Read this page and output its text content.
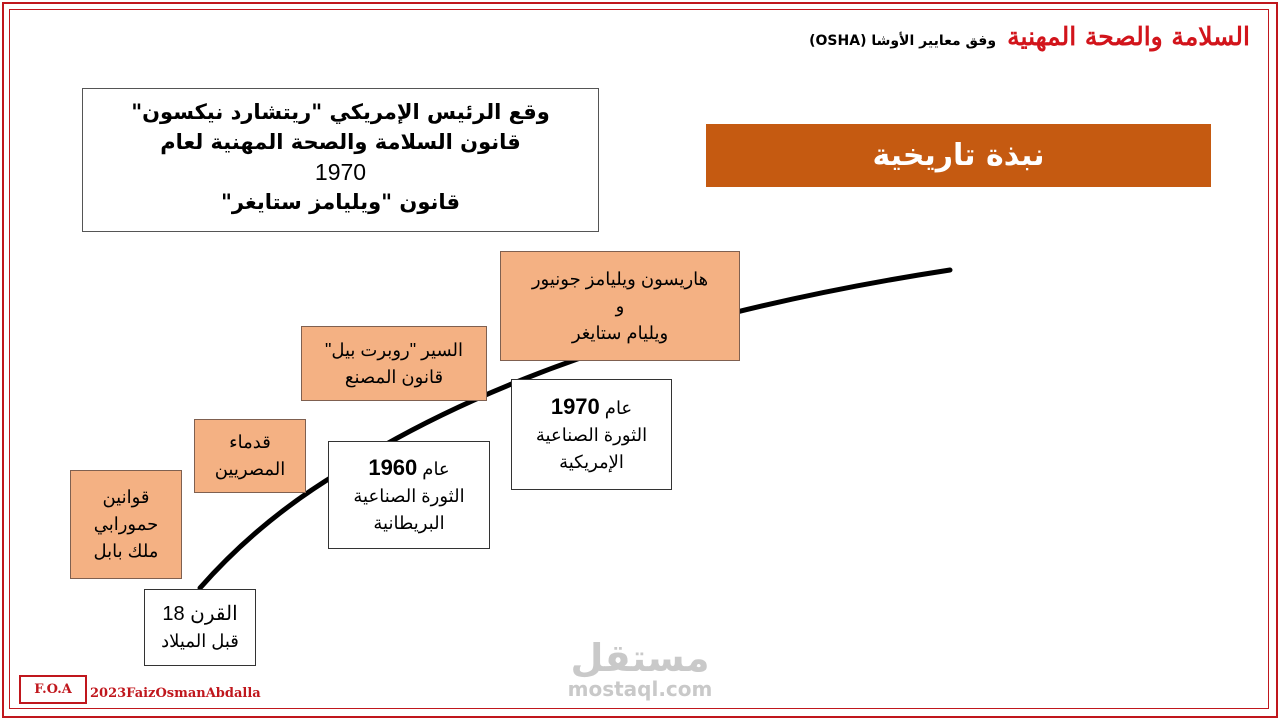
السلامة والصحة المهنية وفق معايير الأوشا (OSHA)
وقع الرئيس الإمريكي "ريتشارد نيكسون"
قانون السلامة والصحة المهنية لعام
1970
قانون "ويليامز ستايغر"
نبذة تاريخية
قوانين
حمورابي
ملك بابل
قدماء
المصريين
السير "روبرت بيل"
قانون المصنع
هاريسون ويليامز جونيور
و
ويليام ستايغر
القرن 18
قبل الميلاد
عام 1960
الثورة الصناعية
البريطانية
عام 1970
الثورة الصناعية
الإمريكية
F.O.A	2023FaizOsmanAbdalla
مستقل
mostaql.com
